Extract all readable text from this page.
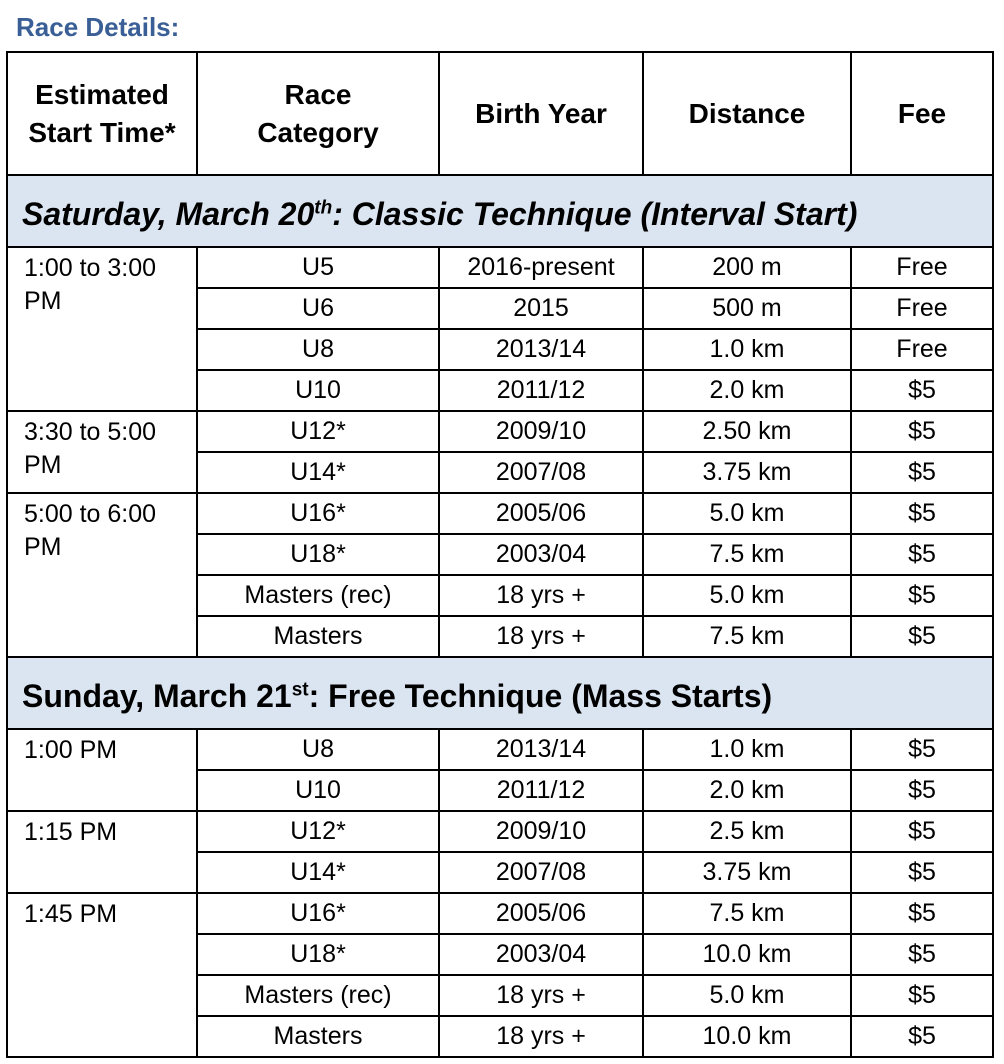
Race Details:
Estimated Start Time*	Race Category	Birth Year	Distance	Fee

Saturday, March 20th: Classic Technique (Interval Start)				
1:00 to 3:00 PM	U5	2016-present	200 m	Free
	U6	2015	500 m	Free
	U8	2013/14	1.0 km	Free
	U10	2011/12	2.0 km	$5
3:30 to 5:00 PM	U12*	2009/10	2.50 km	$5
	U14*	2007/08	3.75 km	$5
5:00 to 6:00 PM	U16*	2005/06	5.0 km	$5
	U18*	2003/04	7.5 km	$5
	Masters (rec)	18 yrs +	5.0 km	$5
	Masters	18 yrs +	7.5 km	$5
Sunday, March 21st: Free Technique (Mass Starts)				
1:00 PM	U8	2013/14	1.0 km	$5
	U10	2011/12	2.0 km	$5
1:15 PM	U12*	2009/10	2.5 km	$5
	U14*	2007/08	3.75 km	$5
1:45 PM	U16*	2005/06	7.5 km	$5
	U18*	2003/04	10.0 km	$5
	Masters (rec)	18 yrs +	5.0 km	$5
	Masters	18 yrs +	10.0 km	$5
